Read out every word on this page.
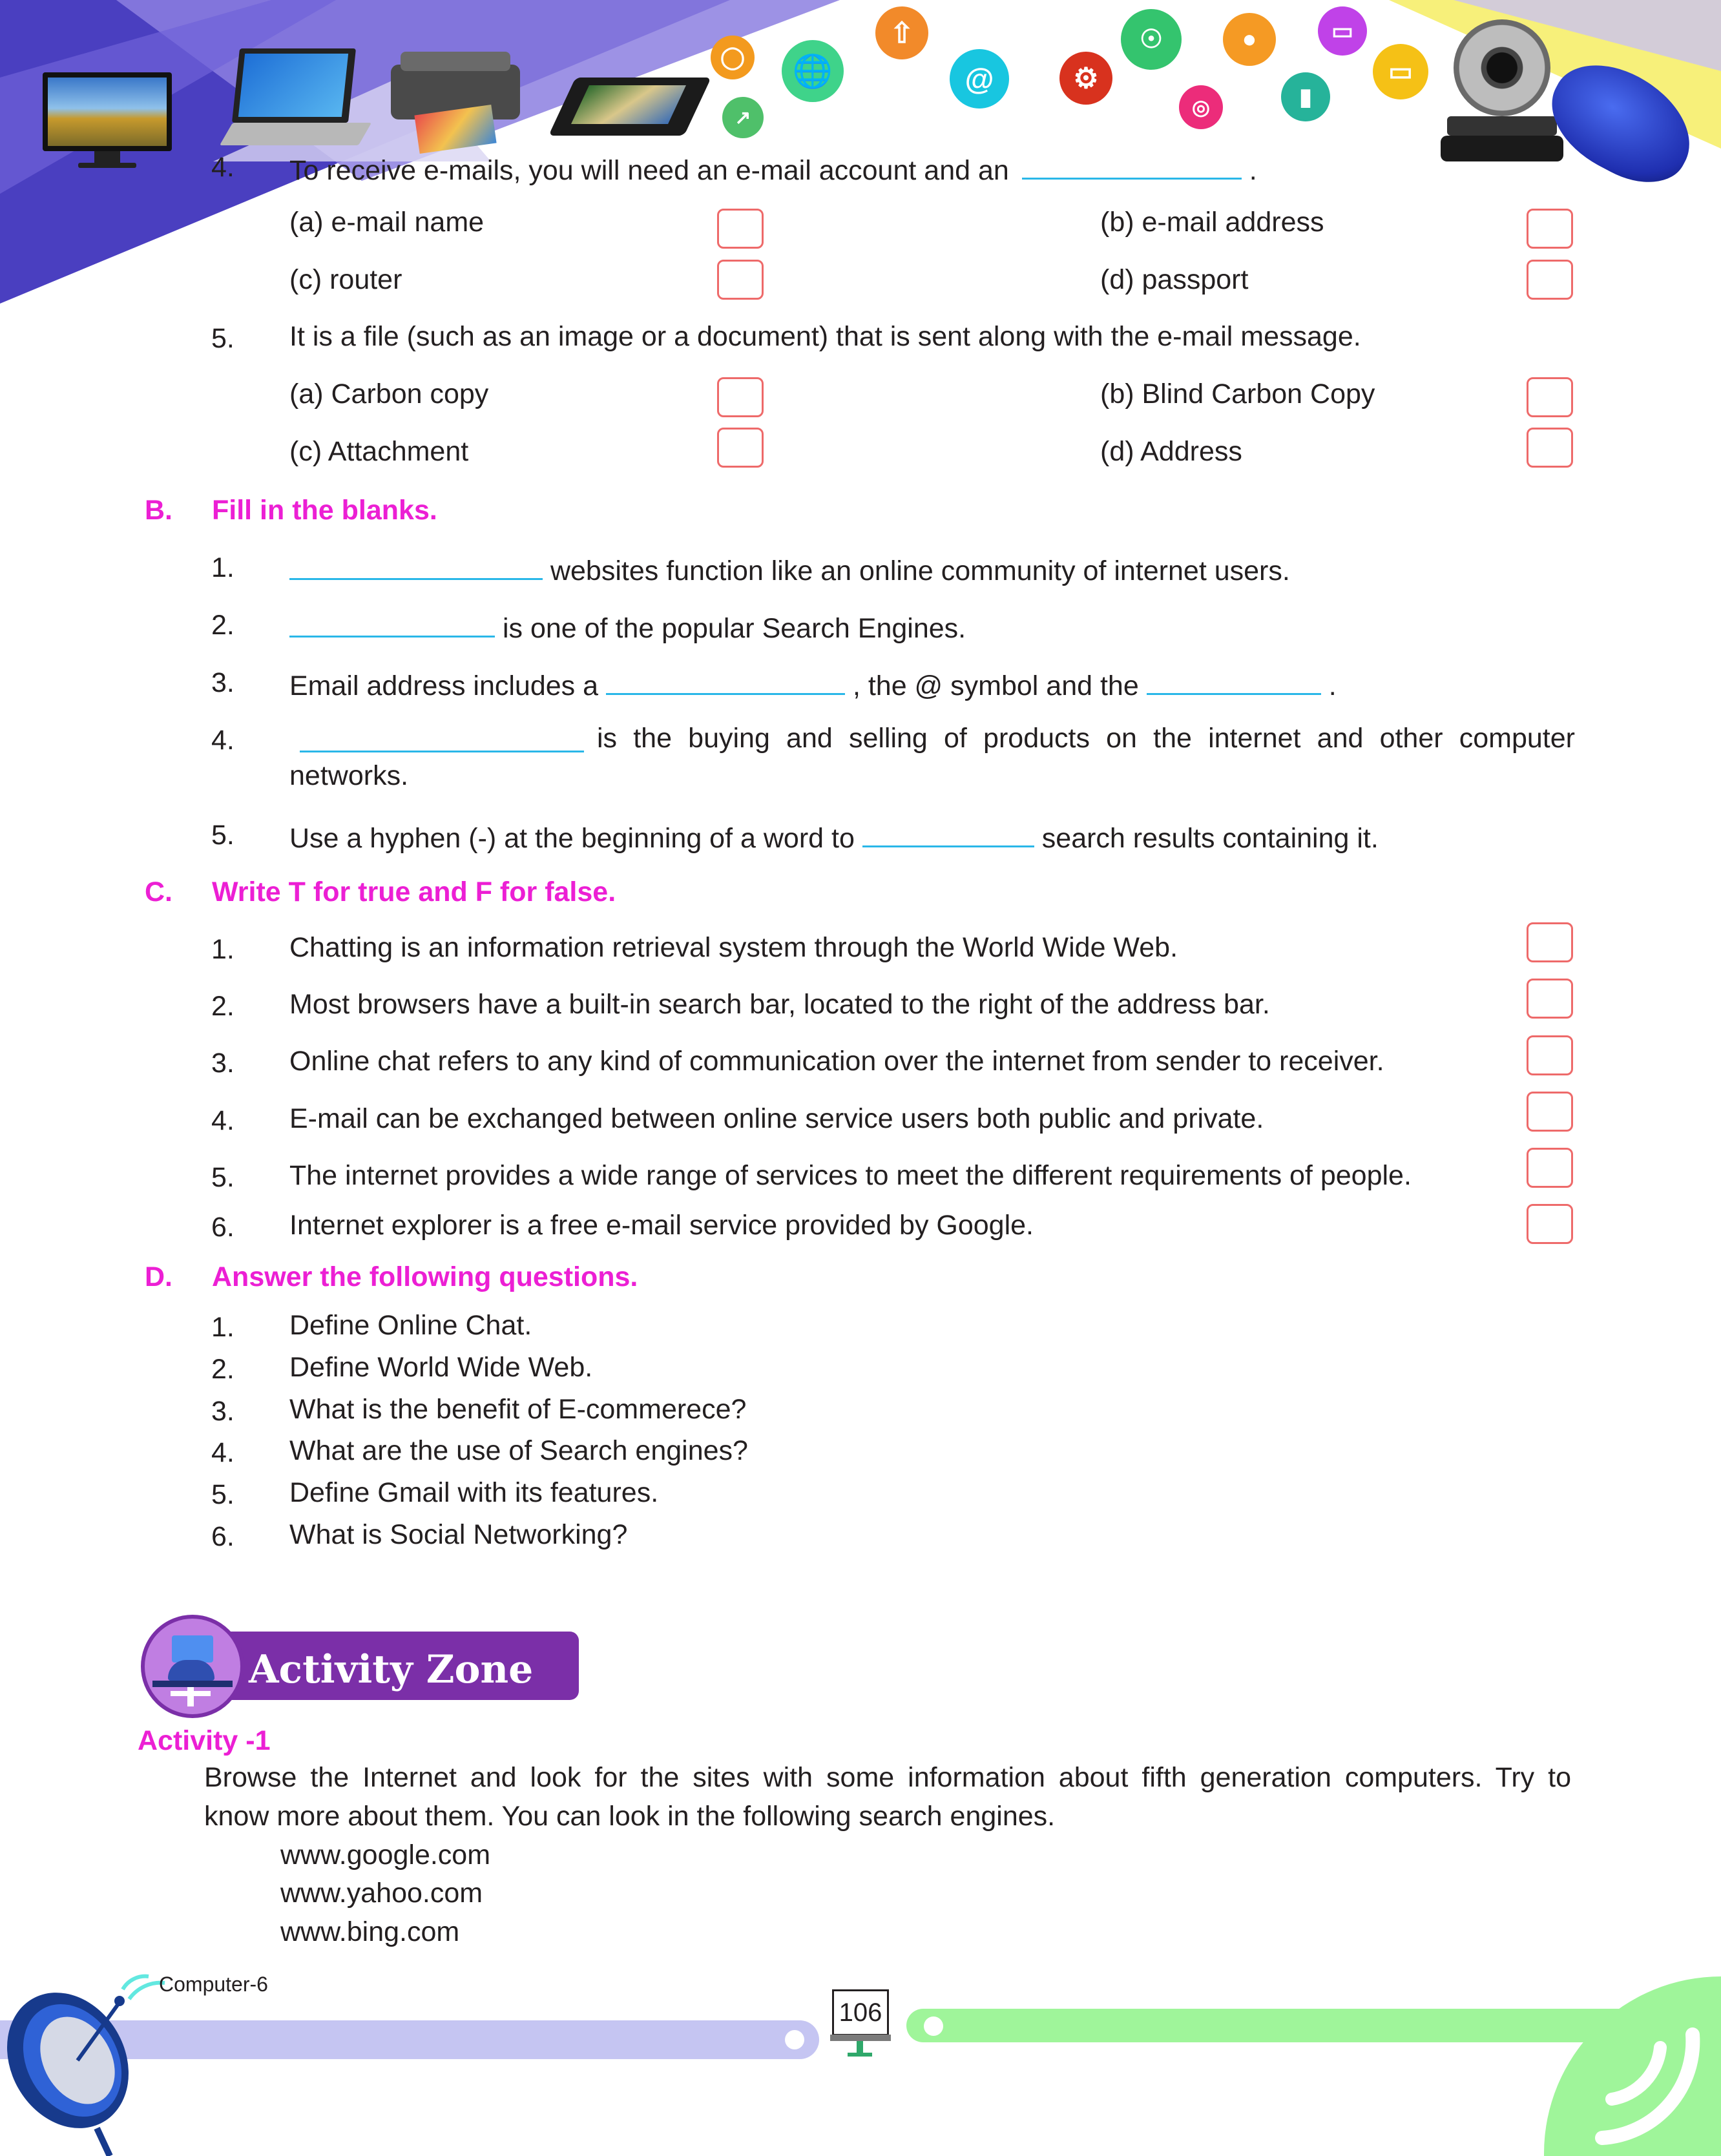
◯	🌐
⇧
@	⚙
☉	●	▭
↗	◎	▮
▭
4. To receive e-mails, you will need an e-mail account and an	.
(a) e-mail name	(b) e-mail address
(c) router	(d) passport
5. It is a file (such as an image or a document) that is sent along with the e-mail message.
(a) Carbon copy	(b) Blind Carbon Copy
(c) Attachment	(d) Address
B. Fill in the blanks.
1.	websites function like an online community of internet users.
2.	is one of the popular Search Engines.
3. Email address includes a	, the @ symbol and the	.
4.	is the buying and selling of products on the internet and other computer
networks.
5. Use a hyphen (-) at the beginning of a word to	search results containing it.
C. Write T for true and F for false.
1. Chatting is an information retrieval system through the World Wide Web.
2. Most browsers have a built-in search bar, located to the right of the address bar.
3. Online chat refers to any kind of communication over the internet from sender to receiver.
4. E-mail can be exchanged between online service users both public and private.
5. The internet provides a wide range of services to meet the different requirements of people.
6. Internet explorer is a free e-mail service provided by Google.
D. Answer the following questions.
1. Define Online Chat.
2. Define World Wide Web.
3. What is the benefit of E-commerece?
4. What are the use of Search engines?
5. Define Gmail with its features.
6. What is Social Networking?
Activity Zone
Activity -1
Browse the Internet and look for the sites with some information about fifth generation computers. Try to
know more about them. You can look in the following search engines.
www.google.com
www.yahoo.com
www.bing.com
Computer-6
106
